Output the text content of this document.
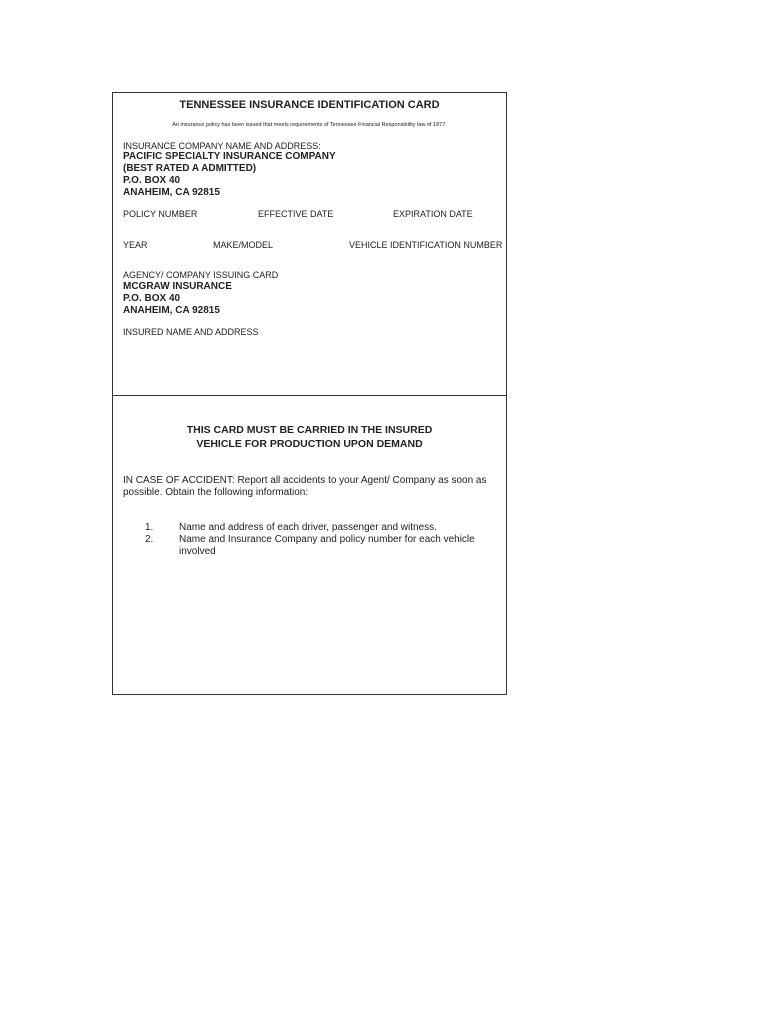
TENNESSEE INSURANCE IDENTIFICATION CARD
An insurance policy has been issued that meets requirements of Tennessee Financial Responsibility law of 1977.
INSURANCE COMPANY NAME AND ADDRESS:
PACIFIC SPECIALTY INSURANCE COMPANY
(BEST RATED A ADMITTED)
P.O. BOX 40
ANAHEIM, CA 92815
POLICY NUMBER	EFFECTIVE DATE	EXPIRATION DATE
YEAR	MAKE/MODEL	VEHICLE IDENTIFICATION NUMBER
AGENCY/ COMPANY ISSUING CARD
MCGRAW INSURANCE
P.O. BOX 40
ANAHEIM, CA 92815
INSURED NAME AND ADDRESS
THIS CARD MUST BE CARRIED IN THE INSURED
VEHICLE FOR PRODUCTION UPON DEMAND
IN CASE OF ACCIDENT: Report all accidents to your Agent/ Company as soon as
possible. Obtain the following information:
1.	Name and address of each driver, passenger and witness.
2.	Name and Insurance Company and policy number for each vehicle
involved
